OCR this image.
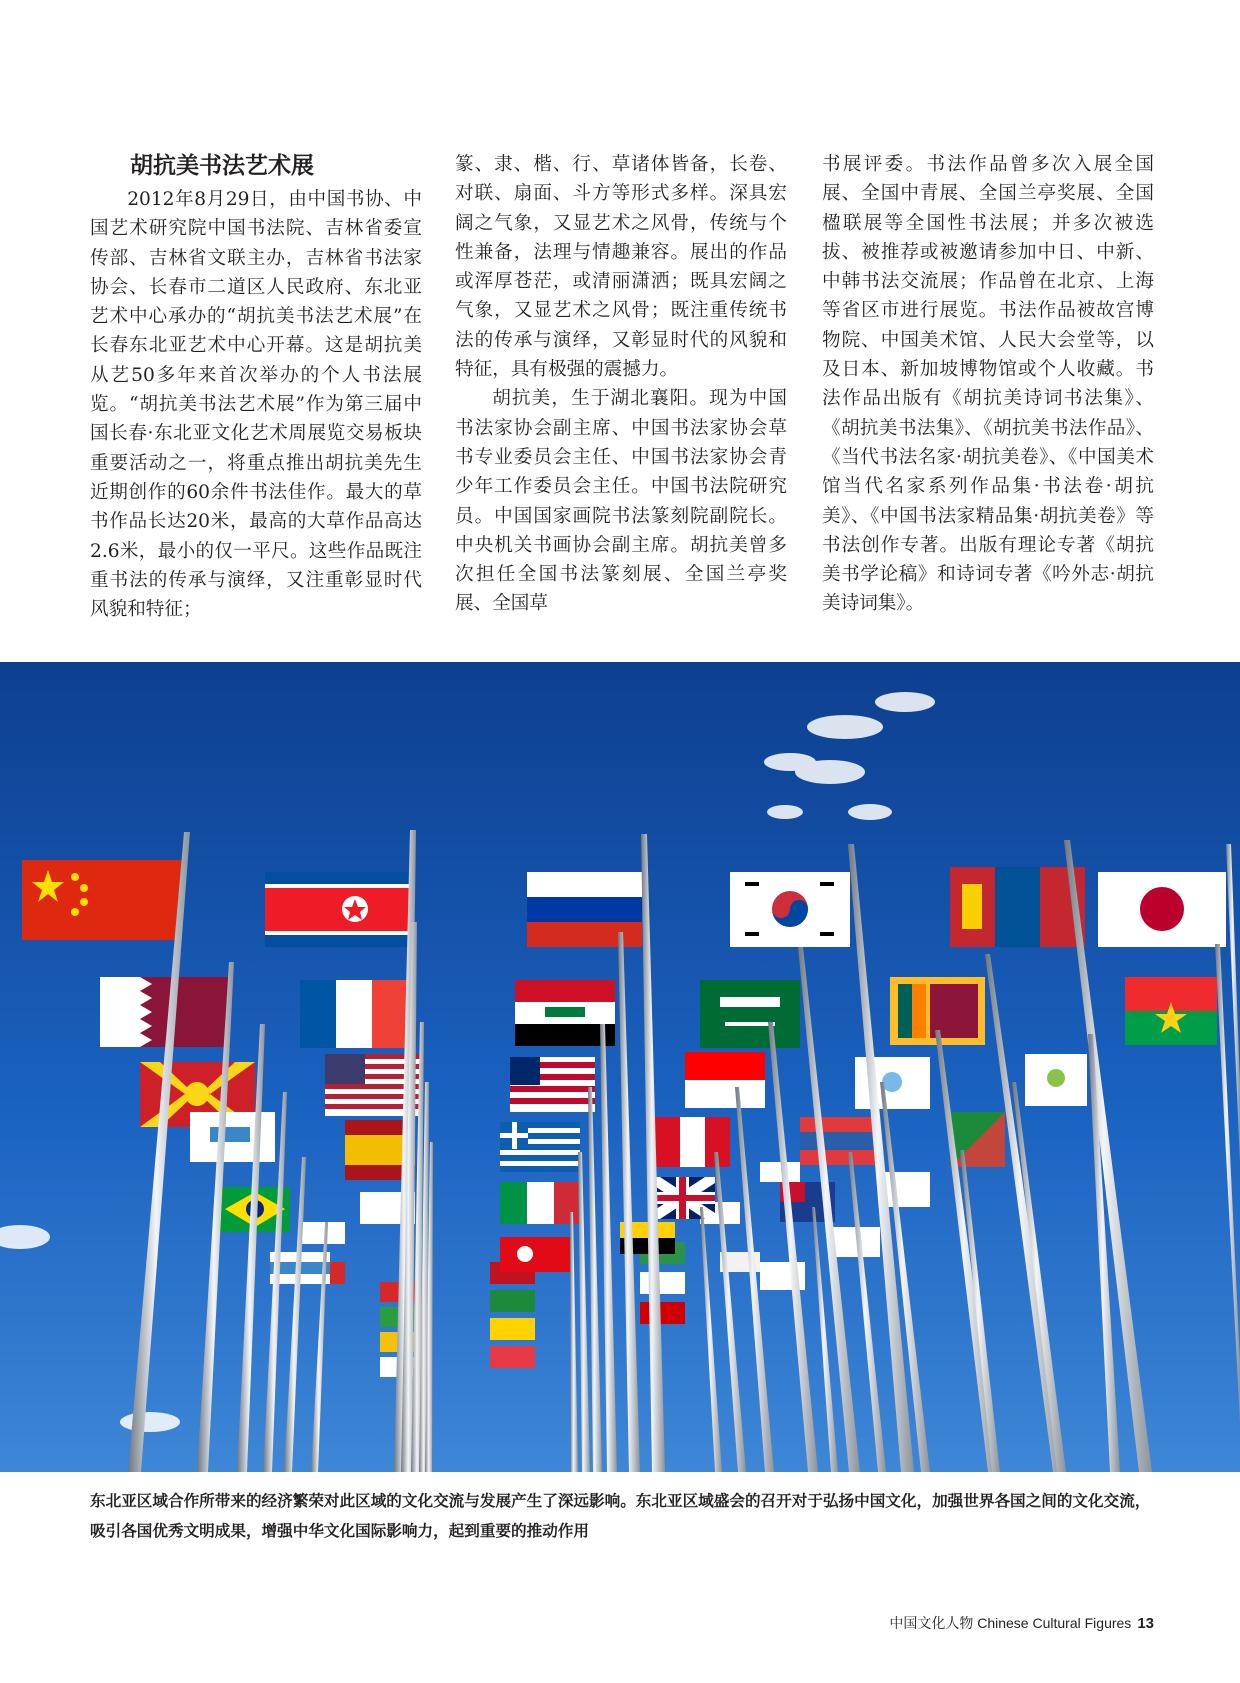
胡抗美书法艺术展

2012年8月29日，由中国书协、中国艺术研究院中国书法院、吉林省委宣传部、吉林省文联主办，吉林省书法家协会、长春市二道区人民政府、东北亚艺术中心承办的“胡抗美书法艺术展”在长春东北亚艺术中心开幕。这是胡抗美从艺50多年来首次举办的个人书法展览。“胡抗美书法艺术展”作为第三届中国长春·东北亚文化艺术周展览交易板块重要活动之一，将重点推出胡抗美先生近期创作的60余件书法佳作。最大的草书作品长达20米，最高的大草作品高达2.6米，最小的仅一平尺。这些作品既注重书法的传承与演绎，又注重彰显时代风貌和特征；

篆、隶、楷、行、草诸体皆备，长卷、对联、扇面、斗方等形式多样。深具宏阔之气象，又显艺术之风骨，传统与个性兼备，法理与情趣兼容。展出的作品或浑厚苍茫，或清丽潇洒；既具宏阔之气象，又显艺术之风骨；既注重传统书法的传承与演绎，又彰显时代的风貌和特征，具有极强的震撼力。

胡抗美，生于湖北襄阳。现为中国书法家协会副主席、中国书法家协会草书专业委员会主任、中国书法家协会青少年工作委员会主任。中国书法院研究员。中国国家画院书法篆刻院副院长。中央机关书画协会副主席。胡抗美曾多次担任全国书法篆刻展、全国兰亭奖展、全国草

书展评委。书法作品曾多次入展全国展、全国中青展、全国兰亭奖展、全国楹联展等全国性书法展；并多次被选拔、被推荐或被邀请参加中日、中新、中韩书法交流展；作品曾在北京、上海等省区市进行展览。书法作品被故宫博物院、中国美术馆、人民大会堂等，以及日本、新加坡博物馆或个人收藏。书法作品出版有《胡抗美诗词书法集》、《胡抗美书法集》、《胡抗美书法作品》、《当代书法名家·胡抗美卷》、《中国美术馆当代名家系列作品集·书法卷·胡抗美》、《中国书法家精品集·胡抗美卷》等书法创作专著。出版有理论专著《胡抗美书学论稿》和诗词专著《吟外志·胡抗美诗词集》。

东北亚区域合作所带来的经济繁荣对此区域的文化交流与发展产生了深远影响。东北亚区域盛会的召开对于弘扬中国文化，加强世界各国之间的文化交流，吸引各国优秀文明成果，增强中华文化国际影响力，起到重要的推动作用
中国文化人物 Chinese Cultural Figures 13
